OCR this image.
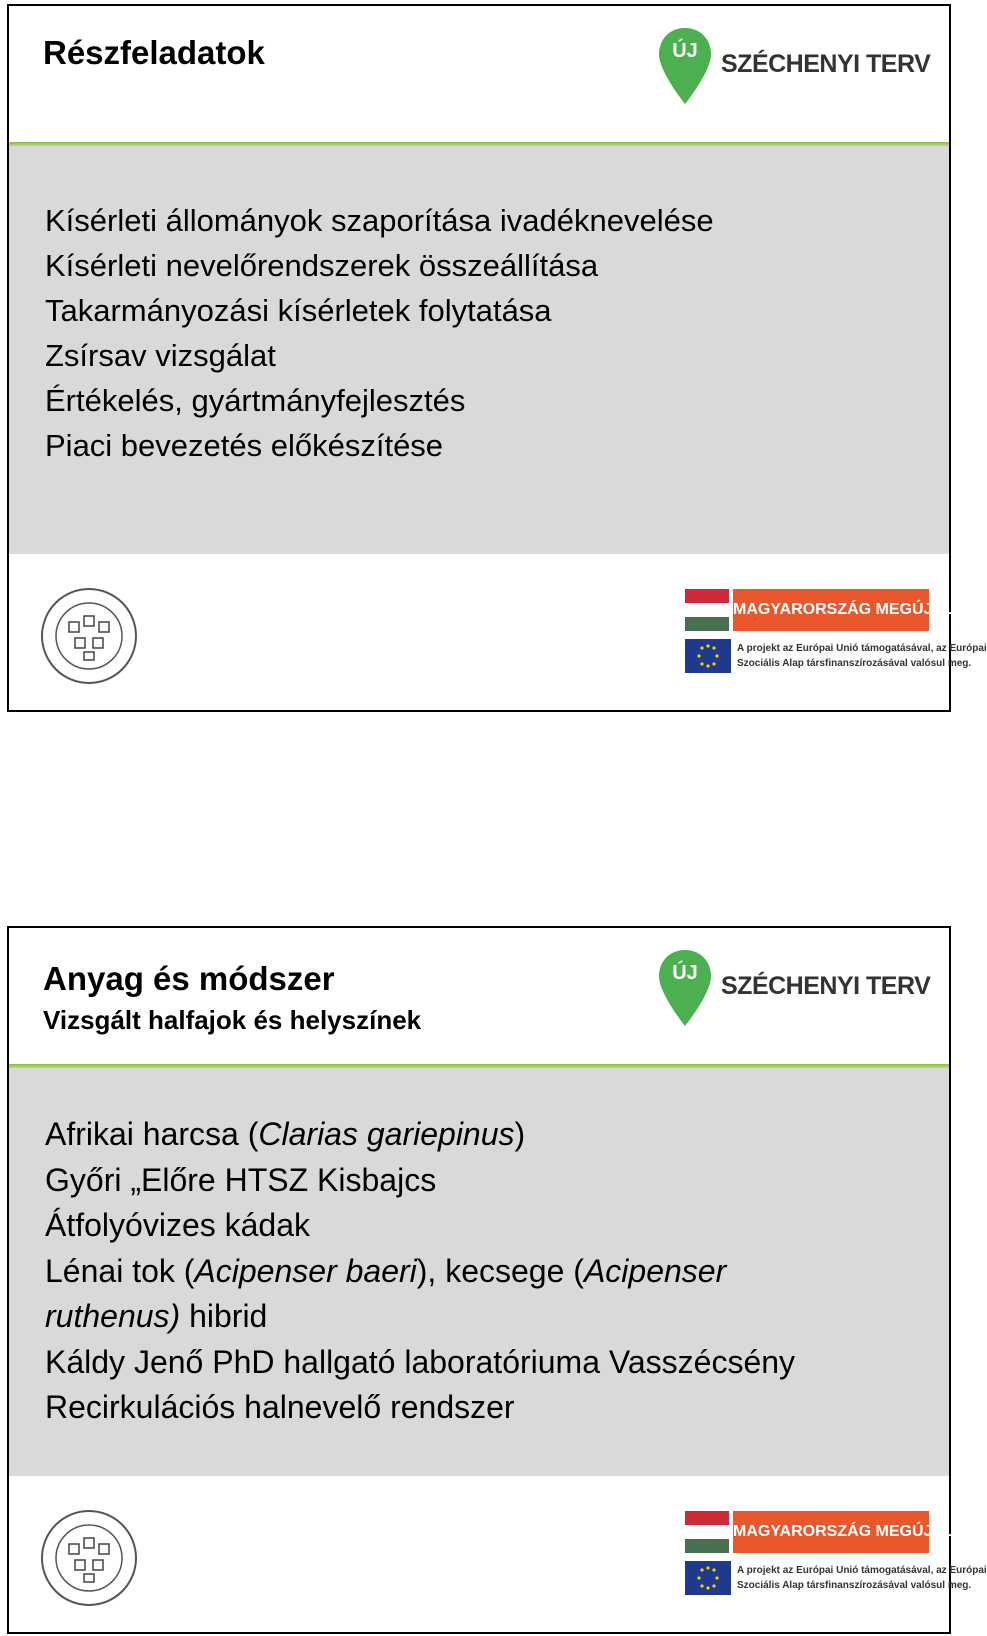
Részfeladatok	ÚJ SZÉCHENYI TERV
Kísérleti állományok szaporítása ivadéknevelése
Kísérleti nevelőrendszerek összeállítása
Takarmányozási kísérletek folytatása
Zsírsav vizsgálat
Értékelés, gyártmányfejlesztés
Piaci bevezetés előkészítése
MAGYARORSZÁG MEGÚJUL
A projekt az Európai Unió támogatásával, az Európai
Szociális Alap társfinanszírozásával valósul meg.
Anyag és módszer
Vizsgált halfajok és helyszínek
ÚJ SZÉCHENYI TERV
Afrikai harcsa (Clarias gariepinus)
Győri „Előre HTSZ Kisbajcs
Átfolyóvizes kádak
Lénai tok (Acipenser baeri), kecsege (Acipenser
ruthenus) hibrid
Káldy Jenő PhD hallgató laboratóriuma Vasszécsény
Recirkulációs halnevelő rendszer
MAGYARORSZÁG MEGÚJUL
A projekt az Európai Unió támogatásával, az Európai
Szociális Alap társfinanszírozásával valósul meg.
